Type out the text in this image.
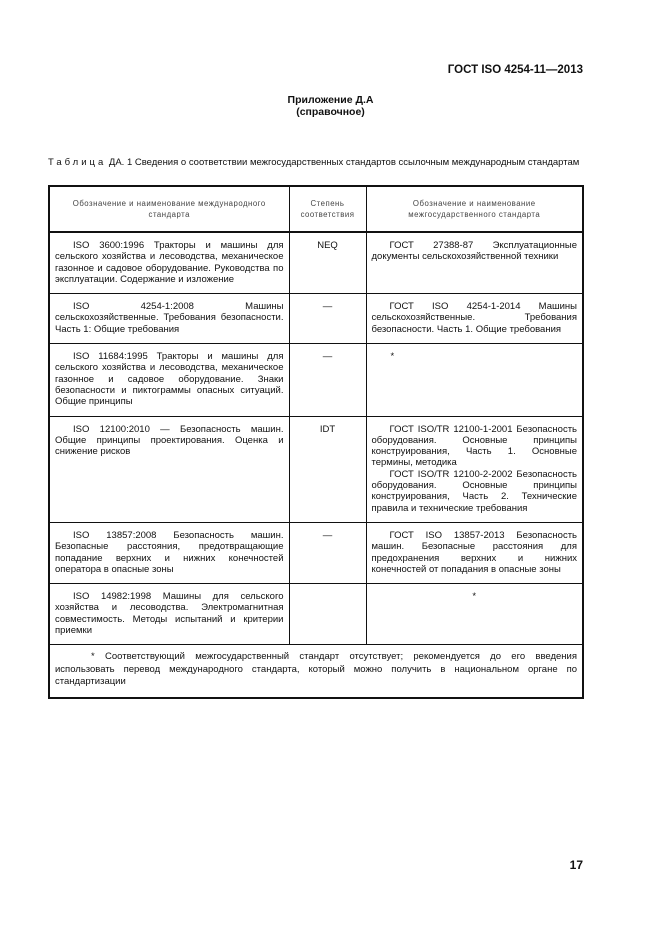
ГОСТ ISO 4254-11—2013
Приложение Д.А
(справочное)
Таблица ДА. 1 Сведения о соответствии межгосударственных стандартов ссылочным международным стандартам
Обозначение и наименование международного стандарта	Степень соответствия	Обозначение и наименование межгосударственного стандарта
ISO 3600:1996 Тракторы и машины для сельского хозяйства и лесоводства, механическое газонное и садовое оборудование. Руководства по эксплуатации. Содержание и изложение	NEQ	ГОСТ 27388-87 Эксплуатационные документы сельскохозяйственной техники

ISO 4254-1:2008 Машины сельскохозяйственные. Требования безопасности. Часть 1: Общие требования	—	ГОСТ ISO 4254-1-2014 Машины сельскохозяйственные. Требования безопасности. Часть 1. Общие требования

ISO 11684:1995 Тракторы и машины для сельского хозяйства и лесоводства, механическое газонное и садовое оборудование. Знаки безопасности и пиктограммы опасных ситуаций. Общие принципы	—	*

ISO 12100:2010 — Безопасность машин. Общие принципы проектирования. Оценка и снижение рисков	IDT	ГОСТ ISO/TR 12100-1-2001 Безопасность оборудования. Основные принципы конструирования, Часть 1. Основные термины, методика
ГОСТ ISO/TR 12100-2-2002 Безопасность оборудования. Основные принципы конструирования, Часть 2. Технические правила и технические требования

ISO 13857:2008 Безопасность машин. Безопасные расстояния, предотвращающие попадание верхних и нижних конечностей оператора в опасные зоны	—	ГОСТ ISO 13857-2013 Безопасность машин. Безопасные расстояния для предохранения верхних и нижних конечностей от попадания в опасные зоны

ISO 14982:1998 Машины для сельского хозяйства и лесоводства. Электромагнитная совместимость. Методы испытаний и критерии приемки		*

* Соответствующий межгосударственный стандарт отсутствует; рекомендуется до его введения использовать перевод международного стандарта, который можно получить в национальном органе по стандартизации		
17
